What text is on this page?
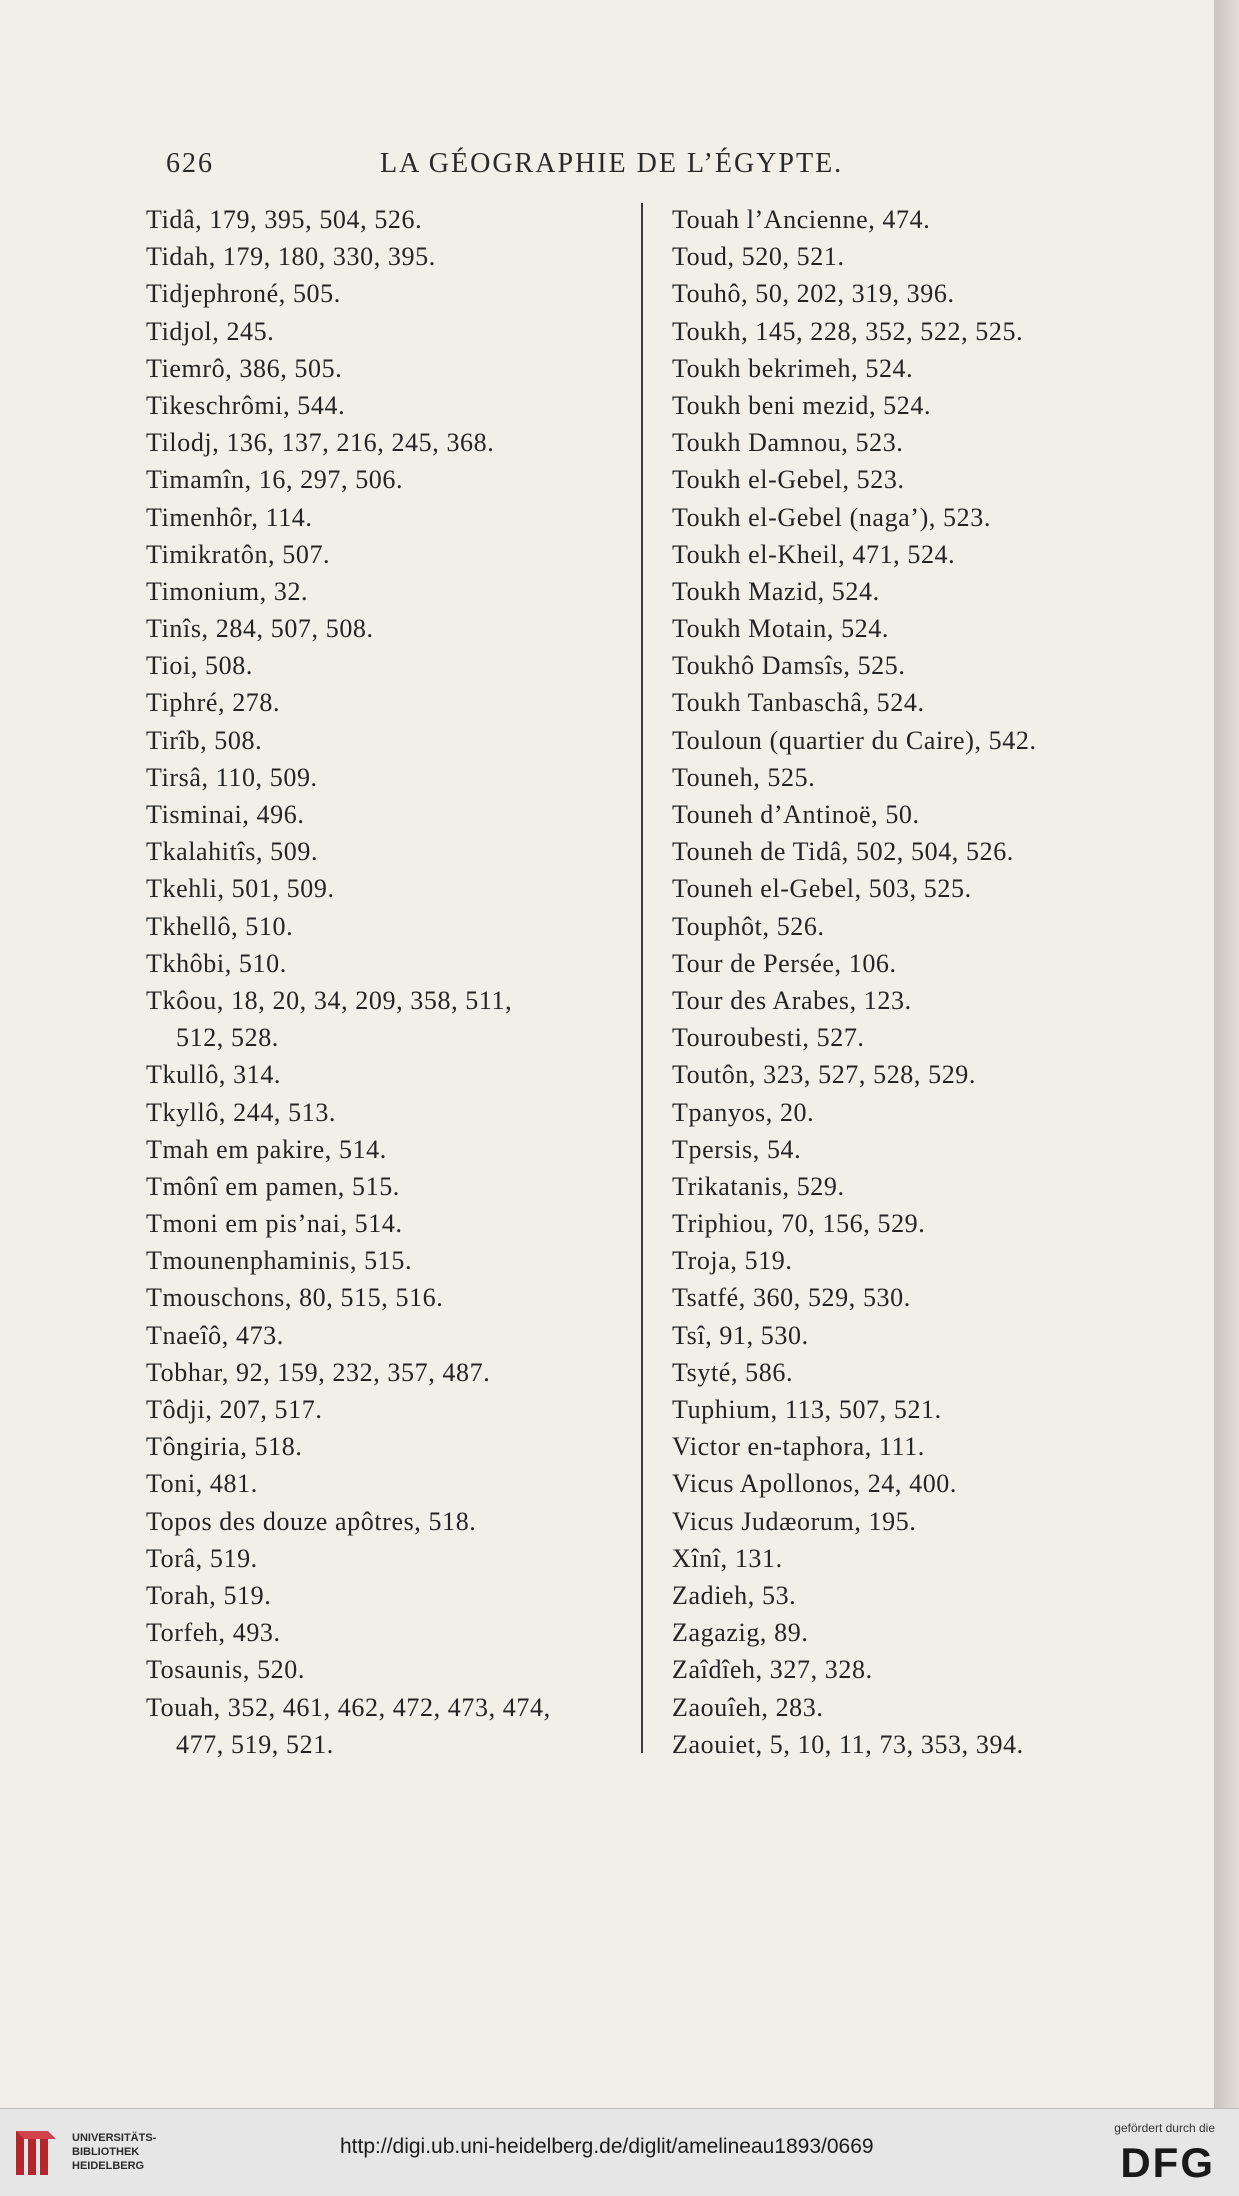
626	LA GÉOGRAPHIE DE L’ÉGYPTE.
Tidâ, 179, 395, 504, 526.
Tidah, 179, 180, 330, 395.
Tidjephroné, 505.
Tidjol, 245.
Tiemrô, 386, 505.
Tikeschrômi, 544.
Tilodj, 136, 137, 216, 245, 368.
Timamîn, 16, 297, 506.
Timenhôr, 114.
Timikratôn, 507.
Timonium, 32.
Tinîs, 284, 507, 508.
Tioi, 508.
Tiphré, 278.
Tirîb, 508.
Tirsâ, 110, 509.
Tisminai, 496.
Tkalahitîs, 509.
Tkehli, 501, 509.
Tkhellô, 510.
Tkhôbi, 510.
Tkôou, 18, 20, 34, 209, 358, 511,
512, 528.
Tkullô, 314.
Tkyllô, 244, 513.
Tmah em pakire, 514.
Tmônî em pamen, 515.
Tmoni em pis’nai, 514.
Tmounenphaminis, 515.
Tmouschons, 80, 515, 516.
Tnaeîô, 473.
Tobhar, 92, 159, 232, 357, 487.
Tôdji, 207, 517.
Tôngiria, 518.
Toni, 481.
Topos des douze apôtres, 518.
Torâ, 519.
Torah, 519.
Torfeh, 493.
Tosaunis, 520.
Touah, 352, 461, 462, 472, 473, 474,
477, 519, 521.
Touah l’Ancienne, 474.
Toud, 520, 521.
Touhô, 50, 202, 319, 396.
Toukh, 145, 228, 352, 522, 525.
Toukh bekrimeh, 524.
Toukh beni mezid, 524.
Toukh Damnou, 523.
Toukh el-Gebel, 523.
Toukh el-Gebel (naga’), 523.
Toukh el-Kheil, 471, 524.
Toukh Mazid, 524.
Toukh Motain, 524.
Toukhô Damsîs, 525.
Toukh Tanbaschâ, 524.
Touloun (quartier du Caire), 542.
Touneh, 525.
Touneh d’Antinoë, 50.
Touneh de Tidâ, 502, 504, 526.
Touneh el-Gebel, 503, 525.
Touphôt, 526.
Tour de Persée, 106.
Tour des Arabes, 123.
Touroubesti, 527.
Toutôn, 323, 527, 528, 529.
Tpanyos, 20.
Tpersis, 54.
Trikatanis, 529.
Triphiou, 70, 156, 529.
Troja, 519.
Tsatfé, 360, 529, 530.
Tsî, 91, 530.
Tsyté, 586.
Tuphium, 113, 507, 521.
Victor en-taphora, 111.
Vicus Apollonos, 24, 400.
Vicus Judæorum, 195.
Xînî, 131.
Zadieh, 53.
Zagazig, 89.
Zaîdîeh, 327, 328.
Zaouîeh, 283.
Zaouiet, 5, 10, 11, 73, 353, 394.
UNIVERSITÄTS-
BIBLIOTHEK
HEIDELBERG
http://digi.ub.uni-heidelberg.de/diglit/amelineau1893/0669
gefördert durch die
DFG
